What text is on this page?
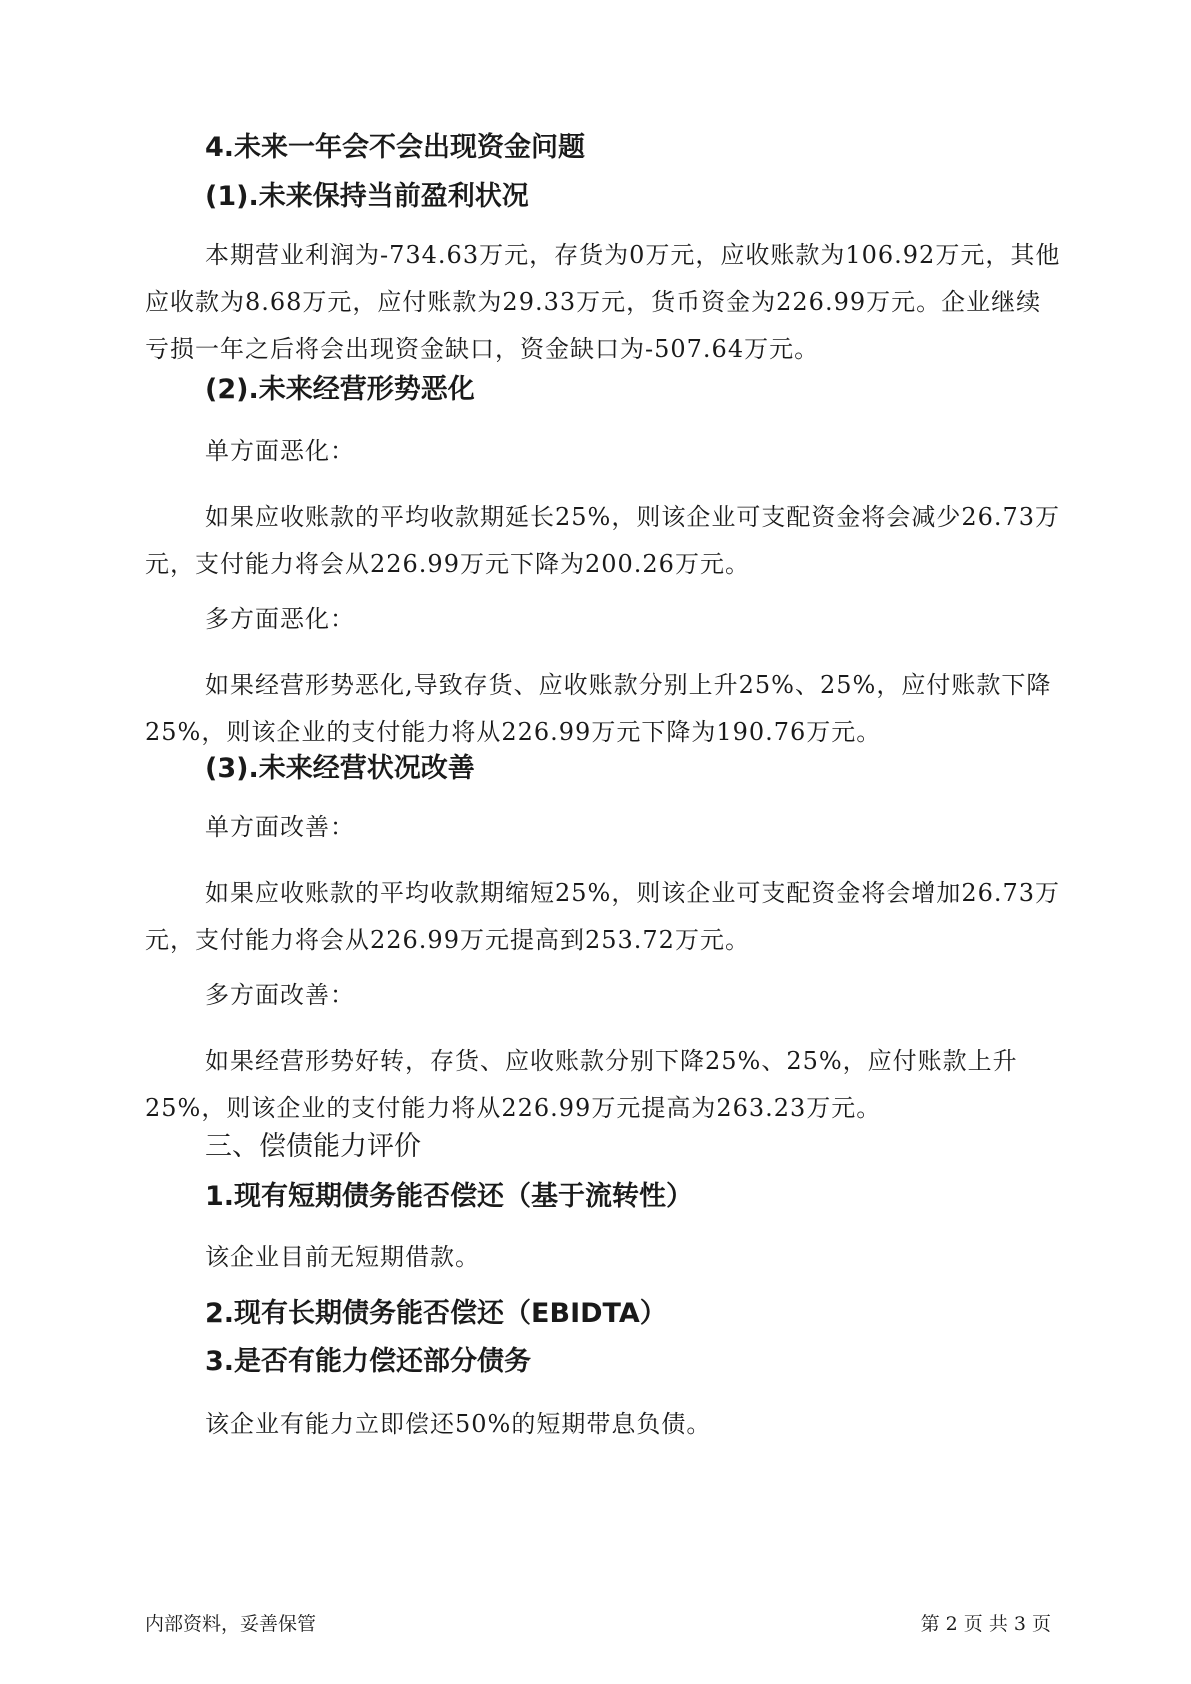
4.未来一年会不会出现资金问题
(1).未来保持当前盈利状况

本期营业利润为-734.63万元，存货为0万元，应收账款为106.92万元，其他应收款为8.68万元，应付账款为29.33万元，货币资金为226.99万元。企业继续亏损一年之后将会出现资金缺口，资金缺口为-507.64万元。

(2).未来经营形势恶化

单方面恶化：

如果应收账款的平均收款期延长25%，则该企业可支配资金将会减少26.73万元，支付能力将会从226.99万元下降为200.26万元。

多方面恶化：

如果经营形势恶化,导致存货、应收账款分别上升25%、25%，应付账款下降25%，则该企业的支付能力将从226.99万元下降为190.76万元。

(3).未来经营状况改善

单方面改善：

如果应收账款的平均收款期缩短25%，则该企业可支配资金将会增加26.73万元，支付能力将会从226.99万元提高到253.72万元。

多方面改善：

如果经营形势好转，存货、应收账款分别下降25%、25%，应付账款上升25%，则该企业的支付能力将从226.99万元提高为263.23万元。

三、偿债能力评价
1.现有短期债务能否偿还（基于流转性）

该企业目前无短期借款。

2.现有长期债务能否偿还（EBIDTA）
3.是否有能力偿还部分债务

该企业有能力立即偿还50%的短期带息负债。

内部资料，妥善保管	第 2 页 共 3 页
